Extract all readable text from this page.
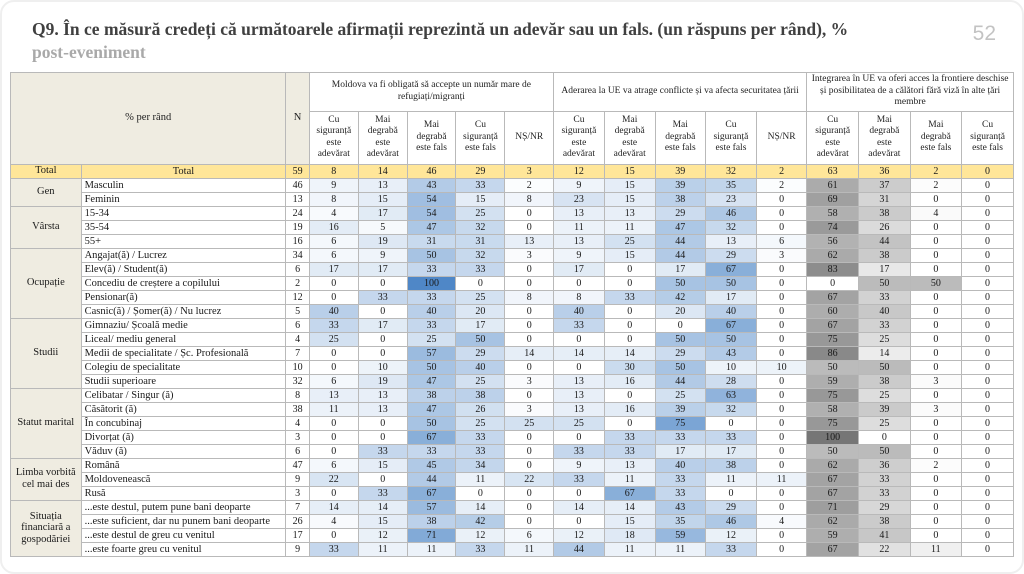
Q9. În ce măsură credeți că următoarele afirmații reprezintă un adevăr sau un fals. (un răspuns per rând), %
post-eveniment
52
% per rând		N	Moldova va fi obligată să accepte un număr mare de refugiați/migranți					Aderarea la UE va atrage conflicte și va afecta securitatea țării					Integrarea în UE va oferi acces la frontiere deschise și posibilitatea de a călători fără viză în alte țări membre			
			Cu siguranță este adevărat	Mai degrabă este adevărat	Mai degrabă este fals	Cu siguranță este fals	NȘ/NR	Cu siguranță este adevărat	Mai degrabă este adevărat	Mai degrabă este fals	Cu siguranță este fals	NȘ/NR	Cu siguranță este adevărat	Mai degrabă este adevărat	Mai degrabă este fals	Cu siguranță este fals
Total	Total	59	8	14	46	29	3	12	15	39	32	2	63	36	2	0
Gen	Masculin	46	9	13	43	33	2	9	15	39	35	2	61	37	2	0
	Feminin	13	8	15	54	15	8	23	15	38	23	0	69	31	0	0
Vârsta	15-34	24	4	17	54	25	0	13	13	29	46	0	58	38	4	0
	35-54	19	16	5	47	32	0	11	11	47	32	0	74	26	0	0
	55+	16	6	19	31	31	13	13	25	44	13	6	56	44	0	0
Ocupație	Angajat(ă) / Lucrez	34	6	9	50	32	3	9	15	44	29	3	62	38	0	0
	Elev(ă) / Student(ă)	6	17	17	33	33	0	17	0	17	67	0	83	17	0	0
	Concediu de creștere a copilului	2	0	0	100	0	0	0	0	50	50	0	0	50	50	0
	Pensionar(ă)	12	0	33	33	25	8	8	33	42	17	0	67	33	0	0
	Casnic(ă) / Șomer(ă) / Nu lucrez	5	40	0	40	20	0	40	0	20	40	0	60	40	0	0
Studii	Gimnaziu/ Școală medie	6	33	17	33	17	0	33	0	0	67	0	67	33	0	0
	Liceal/ mediu general	4	25	0	25	50	0	0	0	50	50	0	75	25	0	0
	Medii de specialitate / Șc. Profesională	7	0	0	57	29	14	14	14	29	43	0	86	14	0	0
	Colegiu de specialitate	10	0	10	50	40	0	0	30	50	10	10	50	50	0	0
	Studii superioare	32	6	19	47	25	3	13	16	44	28	0	59	38	3	0
Statut marital	Celibatar / Singur (ă)	8	13	13	38	38	0	13	0	25	63	0	75	25	0	0
	Căsătorit (ă)	38	11	13	47	26	3	13	16	39	32	0	58	39	3	0
	În concubinaj	4	0	0	50	25	25	25	0	75	0	0	75	25	0	0
	Divorțat (ă)	3	0	0	67	33	0	0	33	33	33	0	100	0	0	0
	Văduv (ă)	6	0	33	33	33	0	33	33	17	17	0	50	50	0	0
Limba vorbită cel mai des	Română	47	6	15	45	34	0	9	13	40	38	0	62	36	2	0
	Moldovenească	9	22	0	44	11	22	33	11	33	11	11	67	33	0	0
	Rusă	3	0	33	67	0	0	0	67	33	0	0	67	33	0	0
Situația financiară a gospodăriei	...este destul, putem pune bani deoparte	7	14	14	57	14	0	14	14	43	29	0	71	29	0	0
	...este suficient, dar nu punem bani deoparte	26	4	15	38	42	0	0	15	35	46	4	62	38	0	0
	...este destul de greu cu venitul	17	0	12	71	12	6	12	18	59	12	0	59	41	0	0
	...este foarte greu cu venitul	9	33	11	11	33	11	44	11	11	33	0	67	22	11	0
